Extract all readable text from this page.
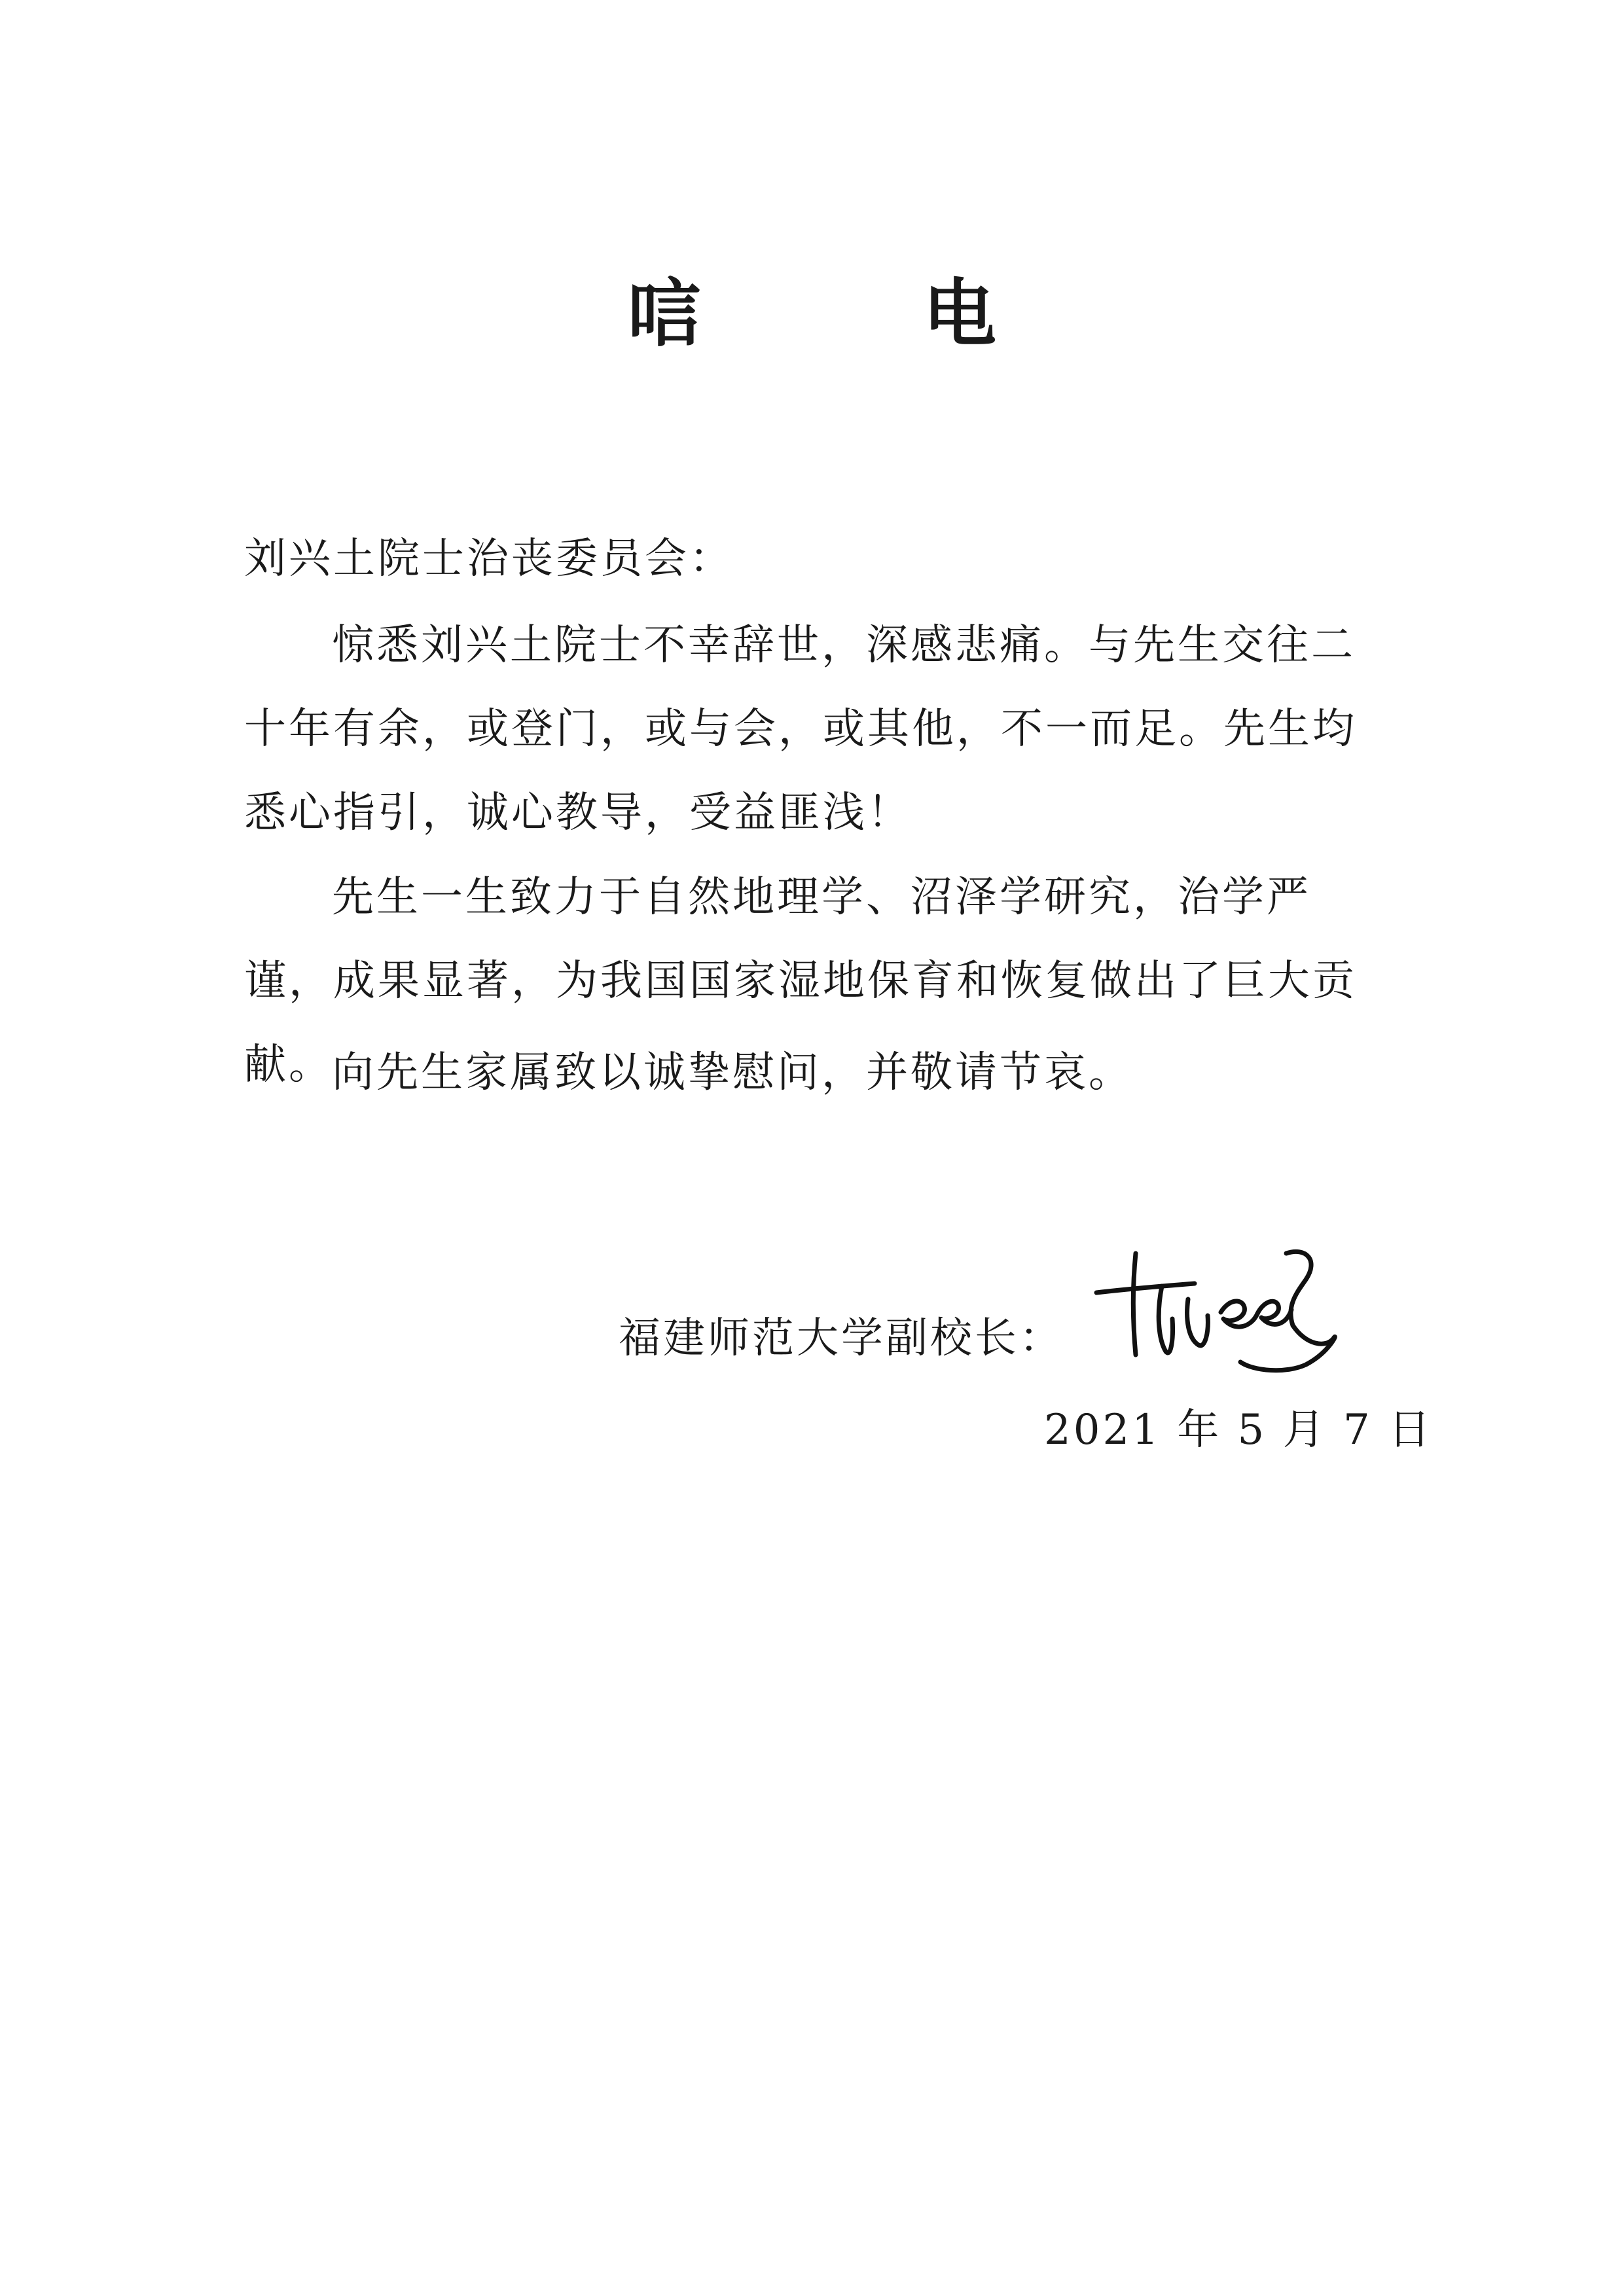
唁 电
刘兴土院士治丧委员会：
惊悉刘兴土院士不幸辞世，深感悲痛。与先生交往二十年有余，或登门，或与会，或其他，不一而足。先生均悉心指引，诚心教导，受益匪浅！
先生一生致力于自然地理学、沼泽学研究，治学严谨，成果显著，为我国国家湿地保育和恢复做出了巨大贡献。
向先生家属致以诚挚慰问，并敬请节哀。
福建师范大学副校长：
2021 年 5 月 7 日
